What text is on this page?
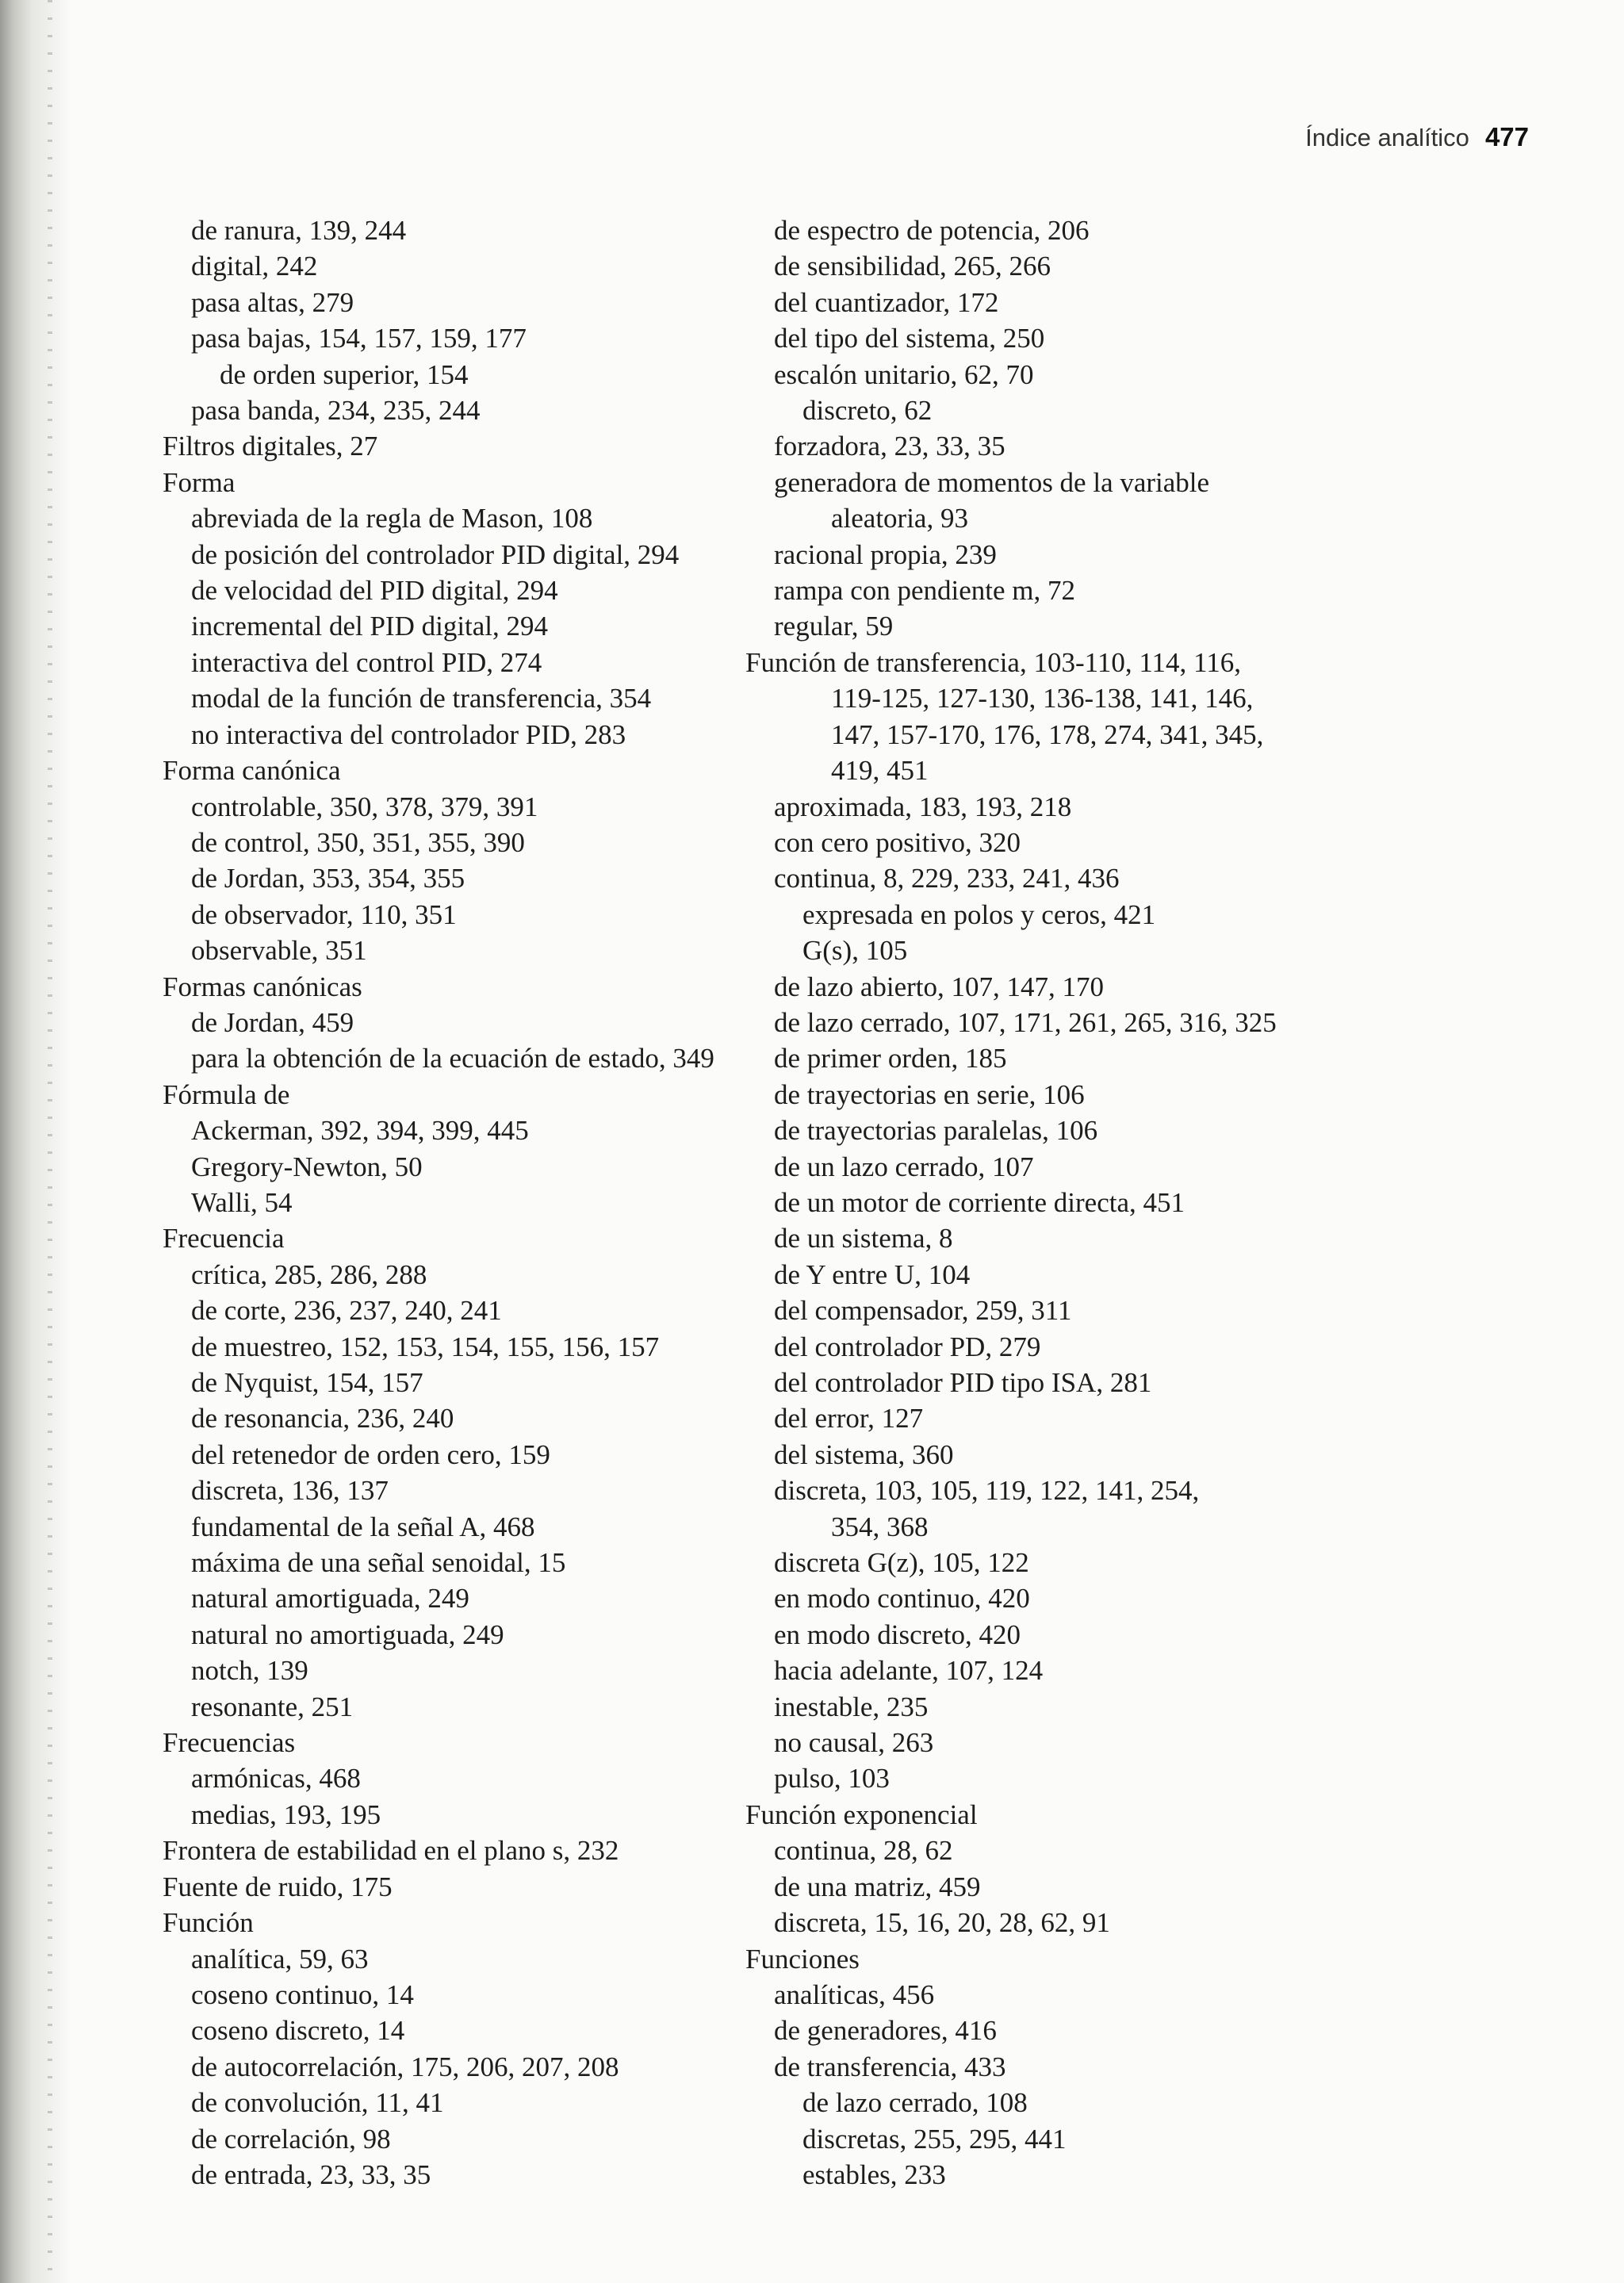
Índice analítico 477
de ranura, 139, 244
digital, 242
pasa altas, 279
pasa bajas, 154, 157, 159, 177
de orden superior, 154
pasa banda, 234, 235, 244
Filtros digitales, 27
Forma
abreviada de la regla de Mason, 108
de posición del controlador PID digital, 294
de velocidad del PID digital, 294
incremental del PID digital, 294
interactiva del control PID, 274
modal de la función de transferencia, 354
no interactiva del controlador PID, 283
Forma canónica
controlable, 350, 378, 379, 391
de control, 350, 351, 355, 390
de Jordan, 353, 354, 355
de observador, 110, 351
observable, 351
Formas canónicas
de Jordan, 459
para la obtención de la ecuación de estado, 349
Fórmula de
Ackerman, 392, 394, 399, 445
Gregory-Newton, 50
Walli, 54
Frecuencia
crítica, 285, 286, 288
de corte, 236, 237, 240, 241
de muestreo, 152, 153, 154, 155, 156, 157
de Nyquist, 154, 157
de resonancia, 236, 240
del retenedor de orden cero, 159
discreta, 136, 137
fundamental de la señal A, 468
máxima de una señal senoidal, 15
natural amortiguada, 249
natural no amortiguada, 249
notch, 139
resonante, 251
Frecuencias
armónicas, 468
medias, 193, 195
Frontera de estabilidad en el plano s, 232
Fuente de ruido, 175
Función
analítica, 59, 63
coseno continuo, 14
coseno discreto, 14
de autocorrelación, 175, 206, 207, 208
de convolución, 11, 41
de correlación, 98
de entrada, 23, 33, 35
de espectro de potencia, 206
de sensibilidad, 265, 266
del cuantizador, 172
del tipo del sistema, 250
escalón unitario, 62, 70
discreto, 62
forzadora, 23, 33, 35
generadora de momentos de la variable
aleatoria, 93
racional propia, 239
rampa con pendiente m, 72
regular, 59
Función de transferencia, 103-110, 114, 116,
119-125, 127-130, 136-138, 141, 146,
147, 157-170, 176, 178, 274, 341, 345,
419, 451
aproximada, 183, 193, 218
con cero positivo, 320
continua, 8, 229, 233, 241, 436
expresada en polos y ceros, 421
G(s), 105
de lazo abierto, 107, 147, 170
de lazo cerrado, 107, 171, 261, 265, 316, 325
de primer orden, 185
de trayectorias en serie, 106
de trayectorias paralelas, 106
de un lazo cerrado, 107
de un motor de corriente directa, 451
de un sistema, 8
de Y entre U, 104
del compensador, 259, 311
del controlador PD, 279
del controlador PID tipo ISA, 281
del error, 127
del sistema, 360
discreta, 103, 105, 119, 122, 141, 254,
354, 368
discreta G(z), 105, 122
en modo continuo, 420
en modo discreto, 420
hacia adelante, 107, 124
inestable, 235
no causal, 263
pulso, 103
Función exponencial
continua, 28, 62
de una matriz, 459
discreta, 15, 16, 20, 28, 62, 91
Funciones
analíticas, 456
de generadores, 416
de transferencia, 433
de lazo cerrado, 108
discretas, 255, 295, 441
estables, 233
